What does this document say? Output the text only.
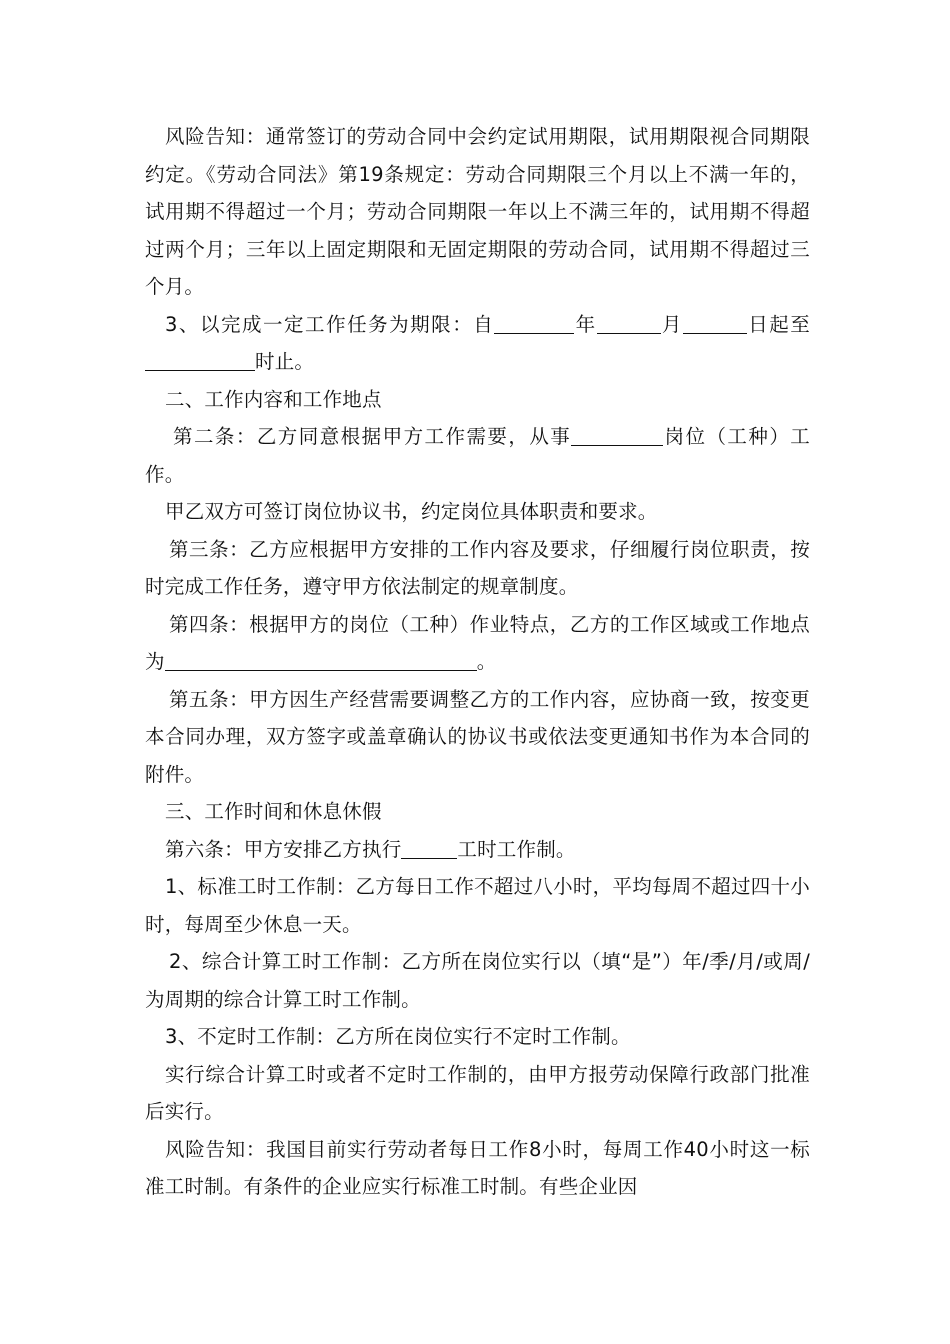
风险告知：通常签订的劳动合同中会约定试用期限，试用期限视合同期限约定。《劳动合同法》第19条规定：劳动合同期限三个月以上不满一年的，试用期不得超过一个月；劳动合同期限一年以上不满三年的，试用期不得超过两个月；三年以上固定期限和无固定期限的劳动合同，试用期不得超过三个月。

3、以完成一定工作任务为期限：自	年	月	日起至时止。

二、工作内容和工作地点

第二条：乙方同意根据甲方工作需要，从事	岗位（工种）工作。

甲乙双方可签订岗位协议书，约定岗位具体职责和要求。

第三条：乙方应根据甲方安排的工作内容及要求，仔细履行岗位职责，按时完成工作任务，遵守甲方依法制定的规章制度。

第四条：根据甲方的岗位（工种）作业特点，乙方的工作区域或工作地点为	。

第五条：甲方因生产经营需要调整乙方的工作内容，应协商一致，按变更本合同办理，双方签字或盖章确认的协议书或依法变更通知书作为本合同的附件。

三、工作时间和休息休假

第六条：甲方安排乙方执行	工时工作制。

1、标准工时工作制：乙方每日工作不超过八小时，平均每周不超过四十小时，每周至少休息一天。

2、综合计算工时工作制：乙方所在岗位实行以（填“是”）年/季/月/或周/为周期的综合计算工时工作制。

3、不定时工作制：乙方所在岗位实行不定时工作制。

实行综合计算工时或者不定时工作制的，由甲方报劳动保障行政部门批准后实行。

风险告知：我国目前实行劳动者每日工作8小时，每周工作40小时这一标准工时制。有条件的企业应实行标准工时制。有些企业因
